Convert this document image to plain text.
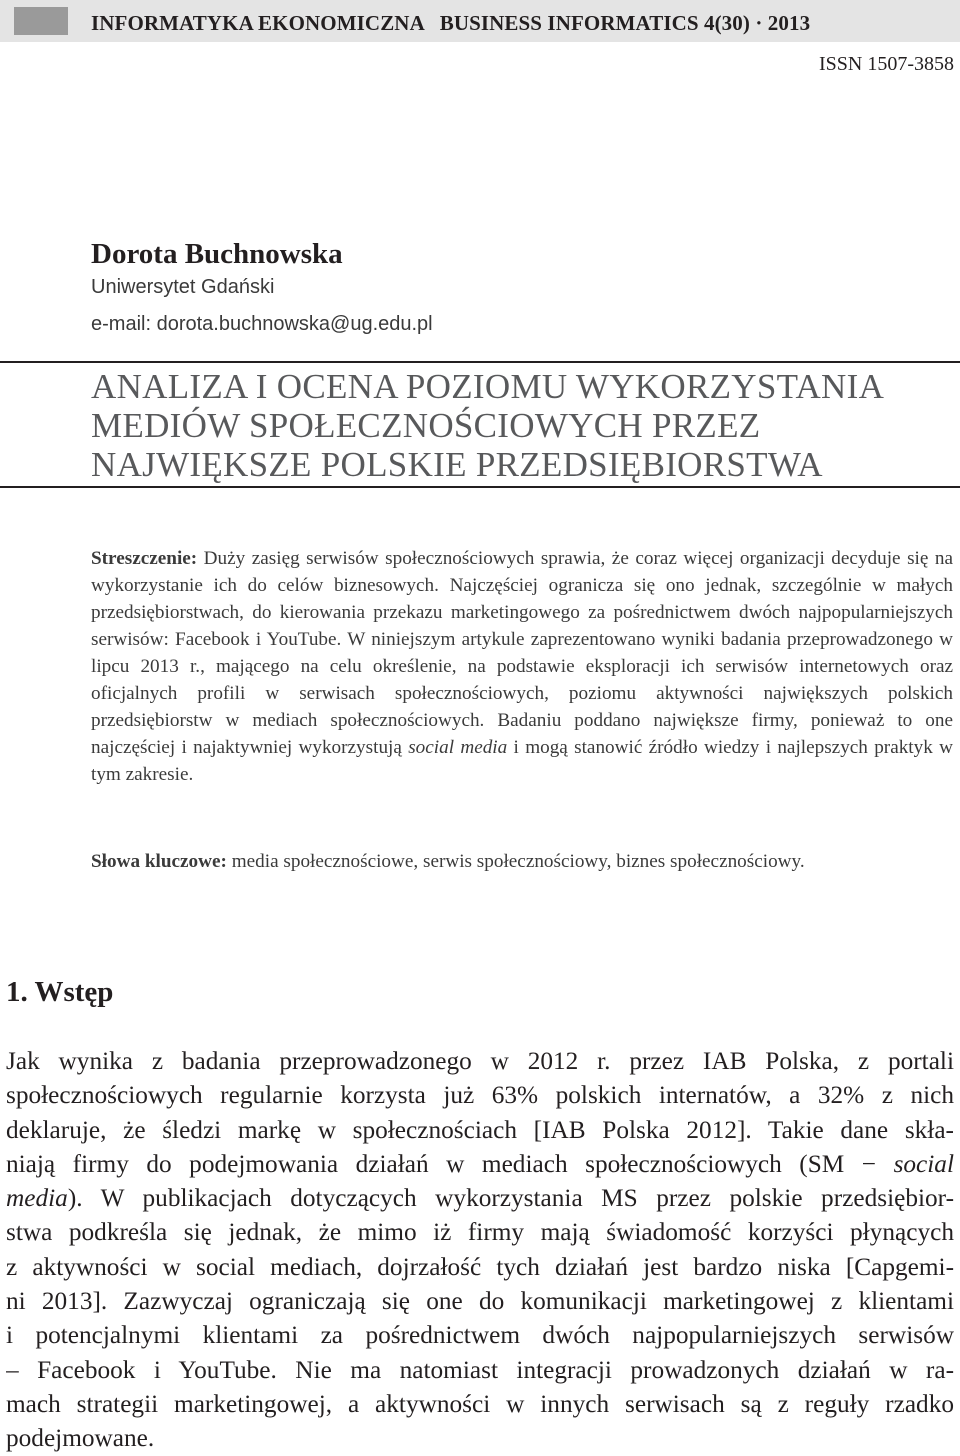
INFORMATYKA EKONOMICZNA   BUSINESS INFORMATICS 4(30) · 2013
ISSN 1507-3858
Dorota Buchnowska
Uniwersytet Gdański
e-mail: dorota.buchnowska@ug.edu.pl
ANALIZA I OCENA POZIOMU WYKORZYSTANIA
MEDIÓW SPOŁECZNOŚCIOWYCH PRZEZ
NAJWIĘKSZE POLSKIE PRZEDSIĘBIORSTWA
Streszczenie: Duży zasięg serwisów społecznościowych sprawia, że coraz więcej organizacji decyduje się na wykorzystanie ich do celów biznesowych. Najczęściej ogranicza się ono jednak, szczególnie w małych przedsiębiorstwach, do kierowania przekazu marketingowego za pośrednictwem dwóch najpopularniejszych serwisów: Facebook i YouTube. W niniejszym artykule zaprezentowano wyniki badania przeprowadzonego w lipcu 2013 r., mającego na celu określenie, na podstawie eksploracji ich serwisów internetowych oraz oficjalnych profili w serwisach społecznościowych, poziomu aktywności największych polskich przedsiębiorstw w mediach społecznościowych. Badaniu poddano największe firmy, ponieważ to one najczęściej i najaktywniej wykorzystują social media i mogą stanowić źródło wiedzy i najlepszych praktyk w tym zakresie.
Słowa kluczowe: media społecznościowe, serwis społecznościowy, biznes społecznościowy.
1. Wstęp
Jak wynika z badania przeprowadzonego w 2012 r. przez IAB Polska, z portali
społecznościowych regularnie korzysta już 63% polskich internatów, a 32% z nich
deklaruje, że śledzi markę w społecznościach [IAB Polska 2012]. Takie dane skła-
niają firmy do podejmowania działań w mediach społecznościowych (SM − social
media). W publikacjach dotyczących wykorzystania MS przez polskie przedsiębior-
stwa podkreśla się jednak, że mimo iż firmy mają świadomość korzyści płynących
z aktywności w social mediach, dojrzałość tych działań jest bardzo niska [Capgemi-
ni 2013]. Zazwyczaj ograniczają się one do komunikacji marketingowej z klientami
i potencjalnymi klientami za pośrednictwem dwóch najpopularniejszych serwisów
– Facebook i YouTube. Nie ma natomiast integracji prowadzonych działań w ra-
mach strategii marketingowej, a aktywności w innych serwisach są z reguły rzadko
podejmowane.
